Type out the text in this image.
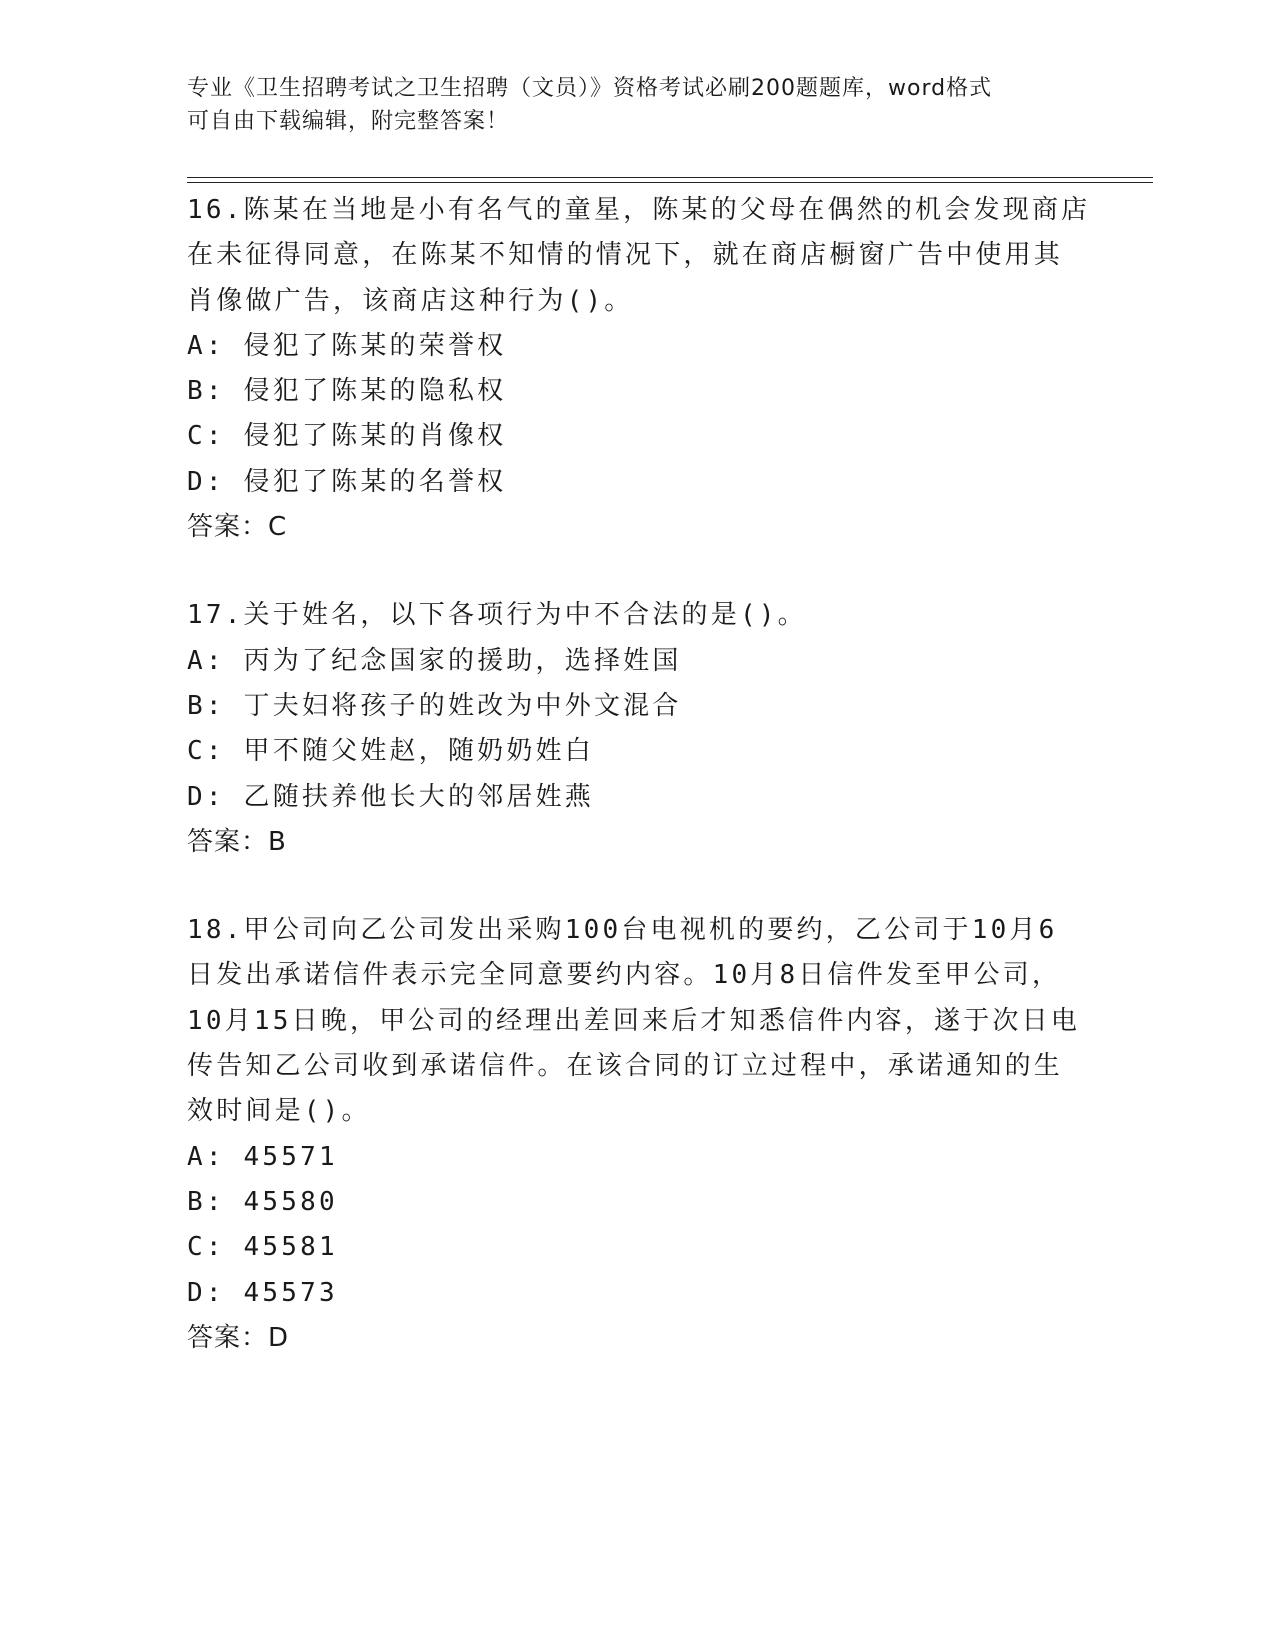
专业《卫生招聘考试之卫生招聘（文员）》资格考试必刷200题题库，word格式
可自由下载编辑，附完整答案！
16.陈某在当地是小有名气的童星，陈某的父母在偶然的机会发现商店
在未征得同意，在陈某不知情的情况下，就在商店橱窗广告中使用其
肖像做广告，该商店这种行为()。
A: 侵犯了陈某的荣誉权
B: 侵犯了陈某的隐私权
C: 侵犯了陈某的肖像权
D: 侵犯了陈某的名誉权
答案：C
17.关于姓名，以下各项行为中不合法的是()。
A: 丙为了纪念国家的援助，选择姓国
B: 丁夫妇将孩子的姓改为中外文混合
C: 甲不随父姓赵，随奶奶姓白
D: 乙随扶养他长大的邻居姓燕
答案：B
18.甲公司向乙公司发出采购100台电视机的要约，乙公司于10月6
日发出承诺信件表示完全同意要约内容。10月8日信件发至甲公司，
10月15日晚，甲公司的经理出差回来后才知悉信件内容，遂于次日电
传告知乙公司收到承诺信件。在该合同的订立过程中，承诺通知的生
效时间是()。
A: 45571
B: 45580
C: 45581
D: 45573
答案：D
